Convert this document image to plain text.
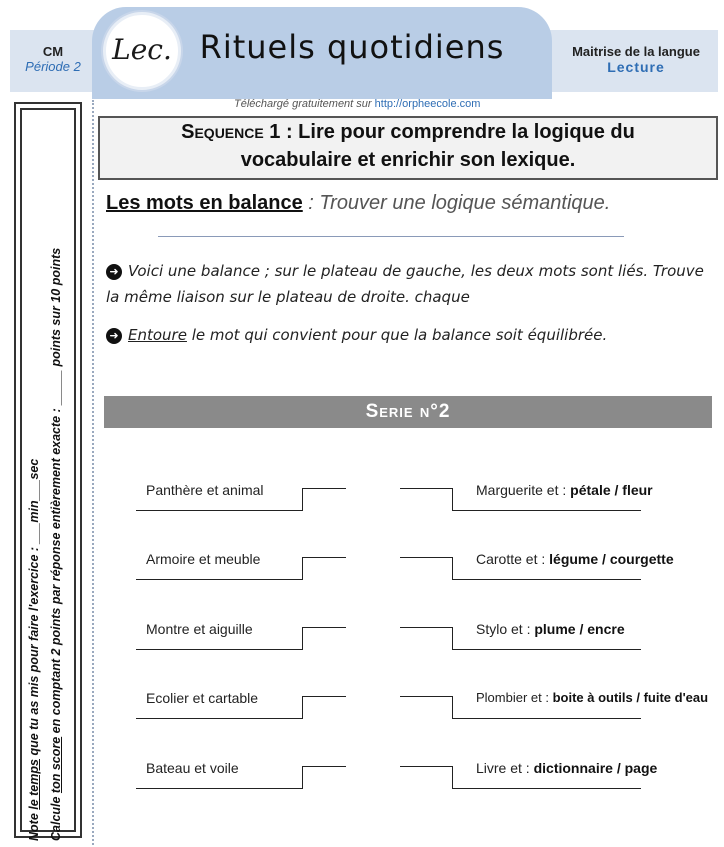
CM
Période 2
Lec. Rituels quotidiens	Maitrise de la langue
Lecture
Téléchargé gratuitement sur http://orpheecole.com
Note le temps que tu as mis pour faire l'exercice : ___min___sec
Calcule ton score en comptant 2 points par réponse entièrement exacte : _____ points sur 10 points
Sequence 1 : Lire pour comprendre la logique du
vocabulaire et enrichir son lexique.
Les mots en balance : Trouver une logique sémantique.
➜ Voici une balance ; sur le plateau de gauche, les deux mots sont liés. Trouve la même liaison sur le plateau de droite. chaque
➜ Entoure le mot qui convient pour que la balance soit équilibrée.
Serie n°2
Panthère et animal	Marguerite et : pétale / fleur
Armoire et meuble	Carotte et : légume / courgette
Montre et aiguille	Stylo et : plume / encre
Ecolier et cartable	Plombier et : boite à outils / fuite d'eau
Bateau et voile	Livre et : dictionnaire / page
